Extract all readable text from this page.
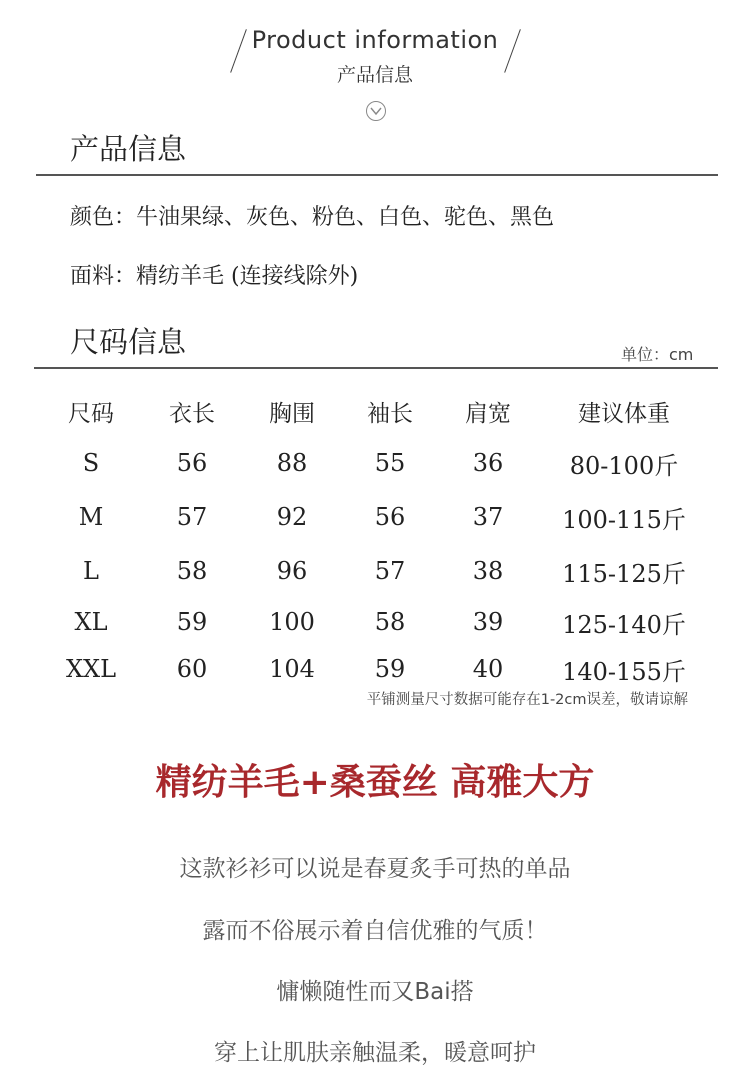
Product information
产品信息
产品信息
颜色：牛油果绿、灰色、粉色、白色、驼色、黑色
面料：精纺羊毛 (连接线除外)
尺码信息	单位：cm
尺码	衣长	胸围	袖长	肩宽	建议体重
S	56	88	55	36	80-100斤
M	57	92	56	37	100-115斤
L	58	96	57	38	115-125斤
XL	59	100	58	39	125-140斤
XXL	60	104	59	40	140-155斤
平铺测量尺寸数据可能存在1-2cm误差，敬请谅解
精纺羊毛+桑蚕丝 高雅大方
这款衫衫可以说是春夏炙手可热的单品
露而不俗展示着自信优雅的气质！
慵懒随性而又Bai搭
穿上让肌肤亲触温柔，暖意呵护
